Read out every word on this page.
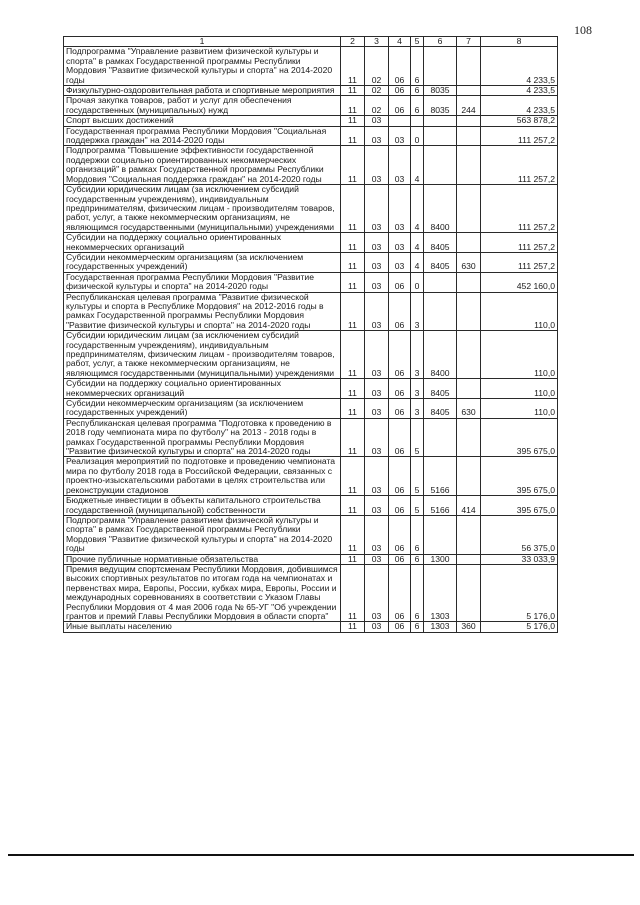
108
1	2	3	4	5	6	7	8
Подпрограмма "Управление развитием физической культуры и спорта" в рамках Государственной программы Республики Мордовия "Развитие физической культуры и спорта" на 2014-2020 годы	11	02	06	6			4 233,5
Физкультурно-оздоровительная работа и спортивные мероприятия	11	02	06	6	8035		4 233,5
Прочая закупка товаров, работ и услуг для обеспечения государственных (муниципальных) нужд	11	02	06	6	8035	244	4 233,5
Спорт высших достижений	11	03					563 878,2
Государственная программа Республики Мордовия "Социальная поддержка граждан" на 2014-2020 годы	11	03	03	0			111 257,2
Подпрограмма "Повышение эффективности государственной поддержки социально ориентированных некоммерческих организаций" в рамках Государственной программы Республики Мордовия "Социальная поддержка граждан" на 2014-2020 годы	11	03	03	4			111 257,2
Субсидии юридическим лицам (за исключением субсидий государственным учреждениям), индивидуальным предпринимателям, физическим лицам - производителям товаров, работ, услуг, а также некоммерческим организациям, не являющимся государственными (муниципальными) учреждениями	11	03	03	4	8400		111 257,2
Субсидии на поддержку социально ориентированных некоммерческих организаций	11	03	03	4	8405		111 257,2
Субсидии некоммерческим организациям (за исключением государственных учреждений)	11	03	03	4	8405	630	111 257,2
Государственная программа Республики Мордовия "Развитие физической культуры и спорта" на 2014-2020 годы	11	03	06	0			452 160,0
Республиканская целевая программа "Развитие физической культуры и спорта в Республике Мордовия" на 2012-2016 годы в рамках Государственной программы Республики Мордовия "Развитие физической культуры и спорта" на 2014-2020 годы	11	03	06	3			110,0
Субсидии юридическим лицам (за исключением субсидий государственным учреждениям), индивидуальным предпринимателям, физическим лицам - производителям товаров, работ, услуг, а также некоммерческим организациям, не являющимся государственными (муниципальными) учреждениями	11	03	06	3	8400		110,0
Субсидии на поддержку социально ориентированных некоммерческих организаций	11	03	06	3	8405		110,0
Субсидии некоммерческим организациям (за исключением государственных учреждений)	11	03	06	3	8405	630	110,0
Республиканская целевая программа "Подготовка к проведению в 2018 году чемпионата мира по футболу" на 2013 - 2018 годы в рамках Государственной программы Республики Мордовия "Развитие физической культуры и спорта" на 2014-2020 годы	11	03	06	5			395 675,0
Реализация мероприятий по подготовке и проведению чемпионата мира по футболу 2018 года в Российской Федерации, связанных с проектно-изыскательскими работами в целях строительства или реконструкции стадионов	11	03	06	5	5166		395 675,0
Бюджетные инвестиции в объекты капитального строительства государственной (муниципальной) собственности	11	03	06	5	5166	414	395 675,0
Подпрограмма "Управление развитием физической культуры и спорта" в рамках Государственной программы Республики Мордовия "Развитие физической культуры и спорта" на 2014-2020 годы	11	03	06	6			56 375,0
Прочие публичные нормативные обязательства	11	03	06	6	1300		33 033,9
Премия ведущим спортсменам Республики Мордовия, добившимся высоких спортивных результатов по итогам года на чемпионатах и первенствах мира, Европы, России, кубках мира, Европы, России и международных соревнованиях в соответствии с Указом Главы Республики Мордовия от 4 мая 2006 года № 65-УГ "Об учреждении грантов и премий Главы Республики Мордовия в области спорта"	11	03	06	6	1303		5 176,0
Иные выплаты населению	11	03	06	6	1303	360	5 176,0
